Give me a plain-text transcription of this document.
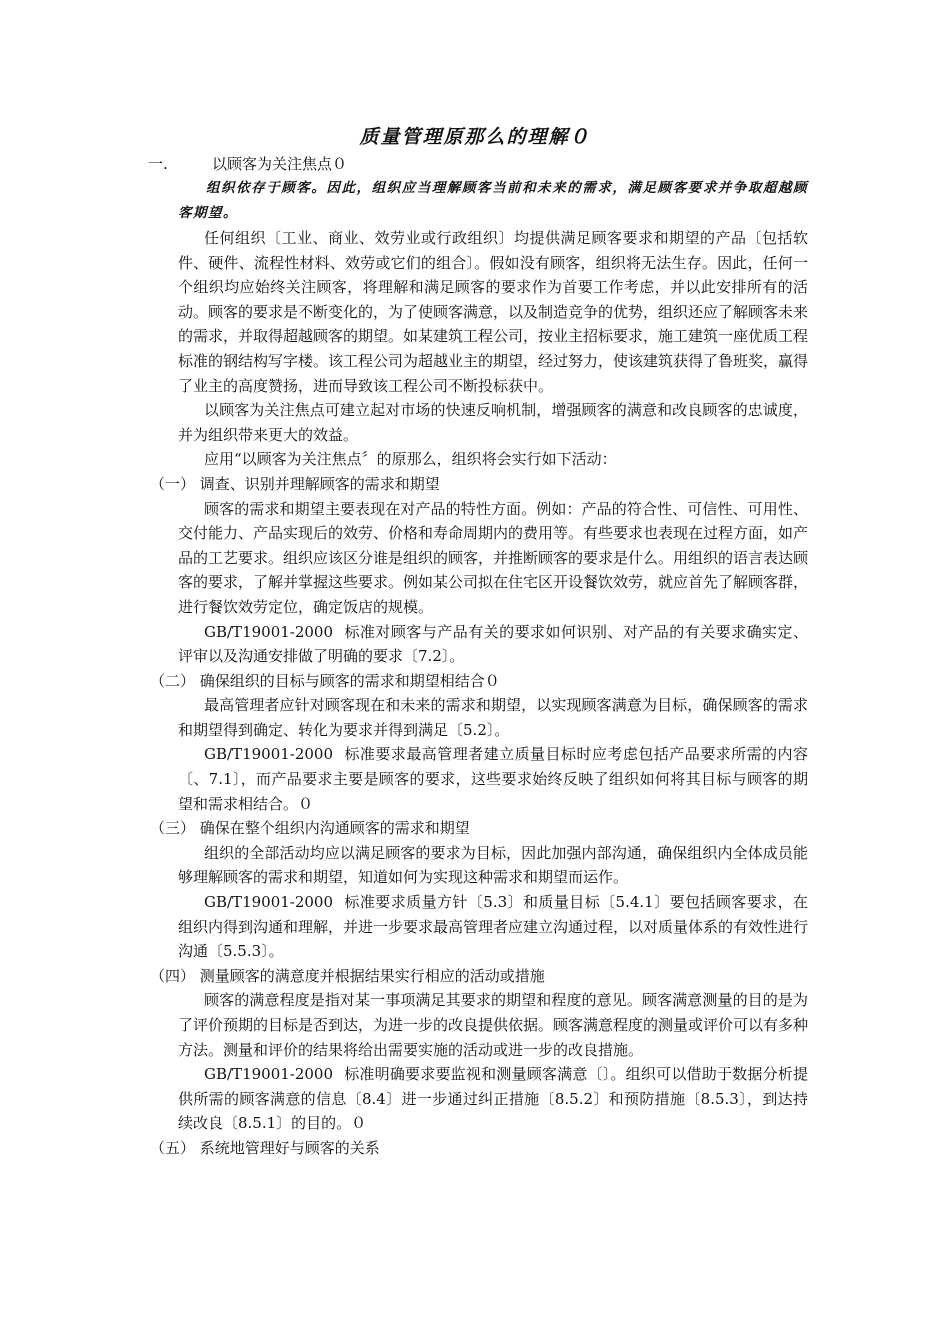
质量管理原那么的理解０
一.	以顾客为关注焦点０
组织依存于顾客。因此，组织应当理解顾客当前和未来的需求，满足顾客要求并争取超越顾客期望。

任何组织〔工业、商业、效劳业或行政组织〕均提供满足顾客要求和期望的产品〔包括软件、硬件、流程性材料、效劳或它们的组合〕。假如没有顾客，组织将无法生存。因此，任何一个组织均应始终关注顾客，将理解和满足顾客的要求作为首要工作考虑，并以此安排所有的活动。顾客的要求是不断变化的，为了使顾客满意，以及制造竞争的优势，组织还应了解顾客未来的需求，并取得超越顾客的期望。如某建筑工程公司，按业主招标要求，施工建筑一座优质工程标准的钢结构写字楼。该工程公司为超越业主的期望，经过努力，使该建筑获得了鲁班奖，赢得了业主的高度赞扬，进而导致该工程公司不断投标获中。

以顾客为关注焦点可建立起对市场的快速反响机制，增强顾客的满意和改良顾客的忠诚度，并为组织带来更大的效益。

应用“以顾客为关注焦点〞的原那么，组织将会实行如下活动：

（一） 调查、识别并理解顾客的需求和期望

顾客的需求和期望主要表现在对产品的特性方面。例如：产品的符合性、可信性、可用性、交付能力、产品实现后的效劳、价格和寿命周期内的费用等。有些要求也表现在过程方面，如产品的工艺要求。组织应该区分谁是组织的顾客，并推断顾客的要求是什么。用组织的语言表达顾客的要求，了解并掌握这些要求。例如某公司拟在住宅区开设餐饮效劳，就应首先了解顾客群，进行餐饮效劳定位，确定饭店的规模。

GB/T19001-2000 标准对顾客与产品有关的要求如何识别、对产品的有关要求确实定、评审以及沟通安排做了明确的要求〔7.2〕。

（二） 确保组织的目标与顾客的需求和期望相结合０

最高管理者应针对顾客现在和未来的需求和期望，以实现顾客满意为目标，确保顾客的需求和期望得到确定、转化为要求并得到满足〔5.2〕。

GB/T19001-2000 标准要求最高管理者建立质量目标时应考虑包括产品要求所需的内容〔、7.1〕，而产品要求主要是顾客的要求，这些要求始终反映了组织如何将其目标与顾客的期望和需求相结合。０

（三） 确保在整个组织内沟通顾客的需求和期望

组织的全部活动均应以满足顾客的要求为目标，因此加强内部沟通，确保组织内全体成员能够理解顾客的需求和期望，知道如何为实现这种需求和期望而运作。

GB/T19001-2000 标准要求质量方针〔5.3〕和质量目标〔5.4.1〕要包括顾客要求，在组织内得到沟通和理解，并进一步要求最高管理者应建立沟通过程，以对质量体系的有效性进行沟通〔5.5.3〕。

（四） 测量顾客的满意度并根据结果实行相应的活动或措施

顾客的满意程度是指对某一事项满足其要求的期望和程度的意见。顾客满意测量的目的是为了评价预期的目标是否到达，为进一步的改良提供依据。顾客满意程度的测量或评价可以有多种方法。测量和评价的结果将给出需要实施的活动或进一步的改良措施。

GB/T19001-2000 标准明确要求要监视和测量顾客满意〔〕。组织可以借助于数据分析提供所需的顾客满意的信息〔8.4〕进一步通过纠正措施〔8.5.2〕和预防措施〔8.5.3〕，到达持续改良〔8.5.1〕的目的。０

（五） 系统地管理好与顾客的关系
